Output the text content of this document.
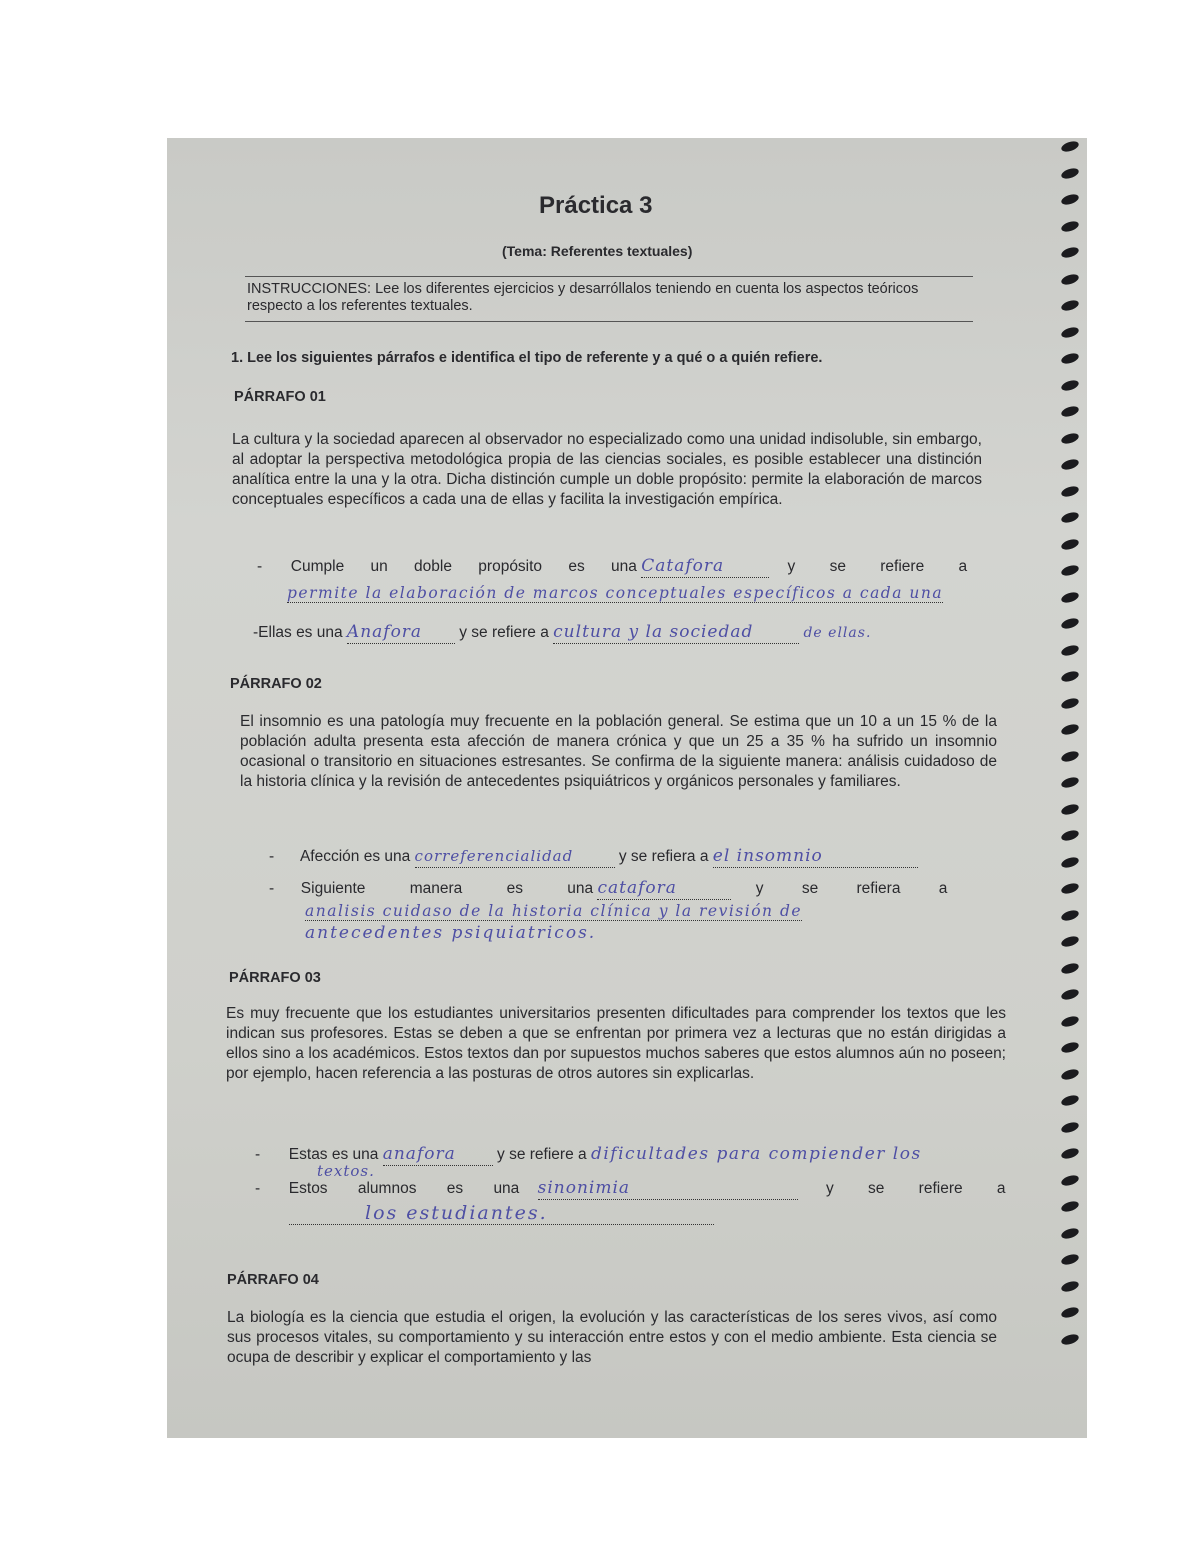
Práctica 3
(Tema: Referentes textuales)
INSTRUCCIONES: Lee los diferentes ejercicios y desarróllalos teniendo en cuenta los aspectos teóricos respecto a los referentes textuales.
1. Lee los siguientes párrafos e identifica el tipo de referente y a qué o a quién refiere.
PÁRRAFO 01
La cultura y la sociedad aparecen al observador no especializado como una unidad indisoluble, sin embargo, al adoptar la perspectiva metodológica propia de las ciencias sociales, es posible establecer una distinción analítica entre la una y la otra. Dicha distinción cumple un doble propósito: permite la elaboración de marcos conceptuales específicos a cada una de ellas y facilita la investigación empírica.
- Cumple un doble propósito es una Catafora	y se refiere a
permite la elaboración de marcos conceptuales específicos a cada una
-Ellas es una Anafora y se refiere a cultura y la sociedad	de ellas.
PÁRRAFO 02
El insomnio es una patología muy frecuente en la población general. Se estima que un 10 a un 15 % de la población adulta presenta esta afección de manera crónica y que un 25 a 35 % ha sufrido un insomnio ocasional o transitorio en situaciones estresantes. Se confirma de la siguiente manera: análisis cuidadoso de la historia clínica y la revisión de antecedentes psiquiátricos y orgánicos personales y familiares.
- Afección es una correferencialidad	y se refiera a el insomnio
- Siguiente manera es una catafora	y se refiera a
analisis cuidaso de la historia clínica y la revisión de
antecedentes psiquiatricos.
PÁRRAFO 03
Es muy frecuente que los estudiantes universitarios presenten dificultades para comprender los textos que les indican sus profesores. Estas se deben a que se enfrentan por primera vez a lecturas que no están dirigidas a ellos sino a los académicos. Estos textos dan por supuestos muchos saberes que estos alumnos aún no poseen; por ejemplo, hacen referencia a las posturas de otros autores sin explicarlas.
- Estas es una anafora	y se refiere a dificultades para compiender los
textos.
- Estos alumnos es una sinonimia	y se refiere a
los estudiantes.
PÁRRAFO 04
La biología es la ciencia que estudia el origen, la evolución y las características de los seres vivos, así como sus procesos vitales, su comportamiento y su interacción entre estos y con el medio ambiente. Esta ciencia se ocupa de describir y explicar el comportamiento y las
